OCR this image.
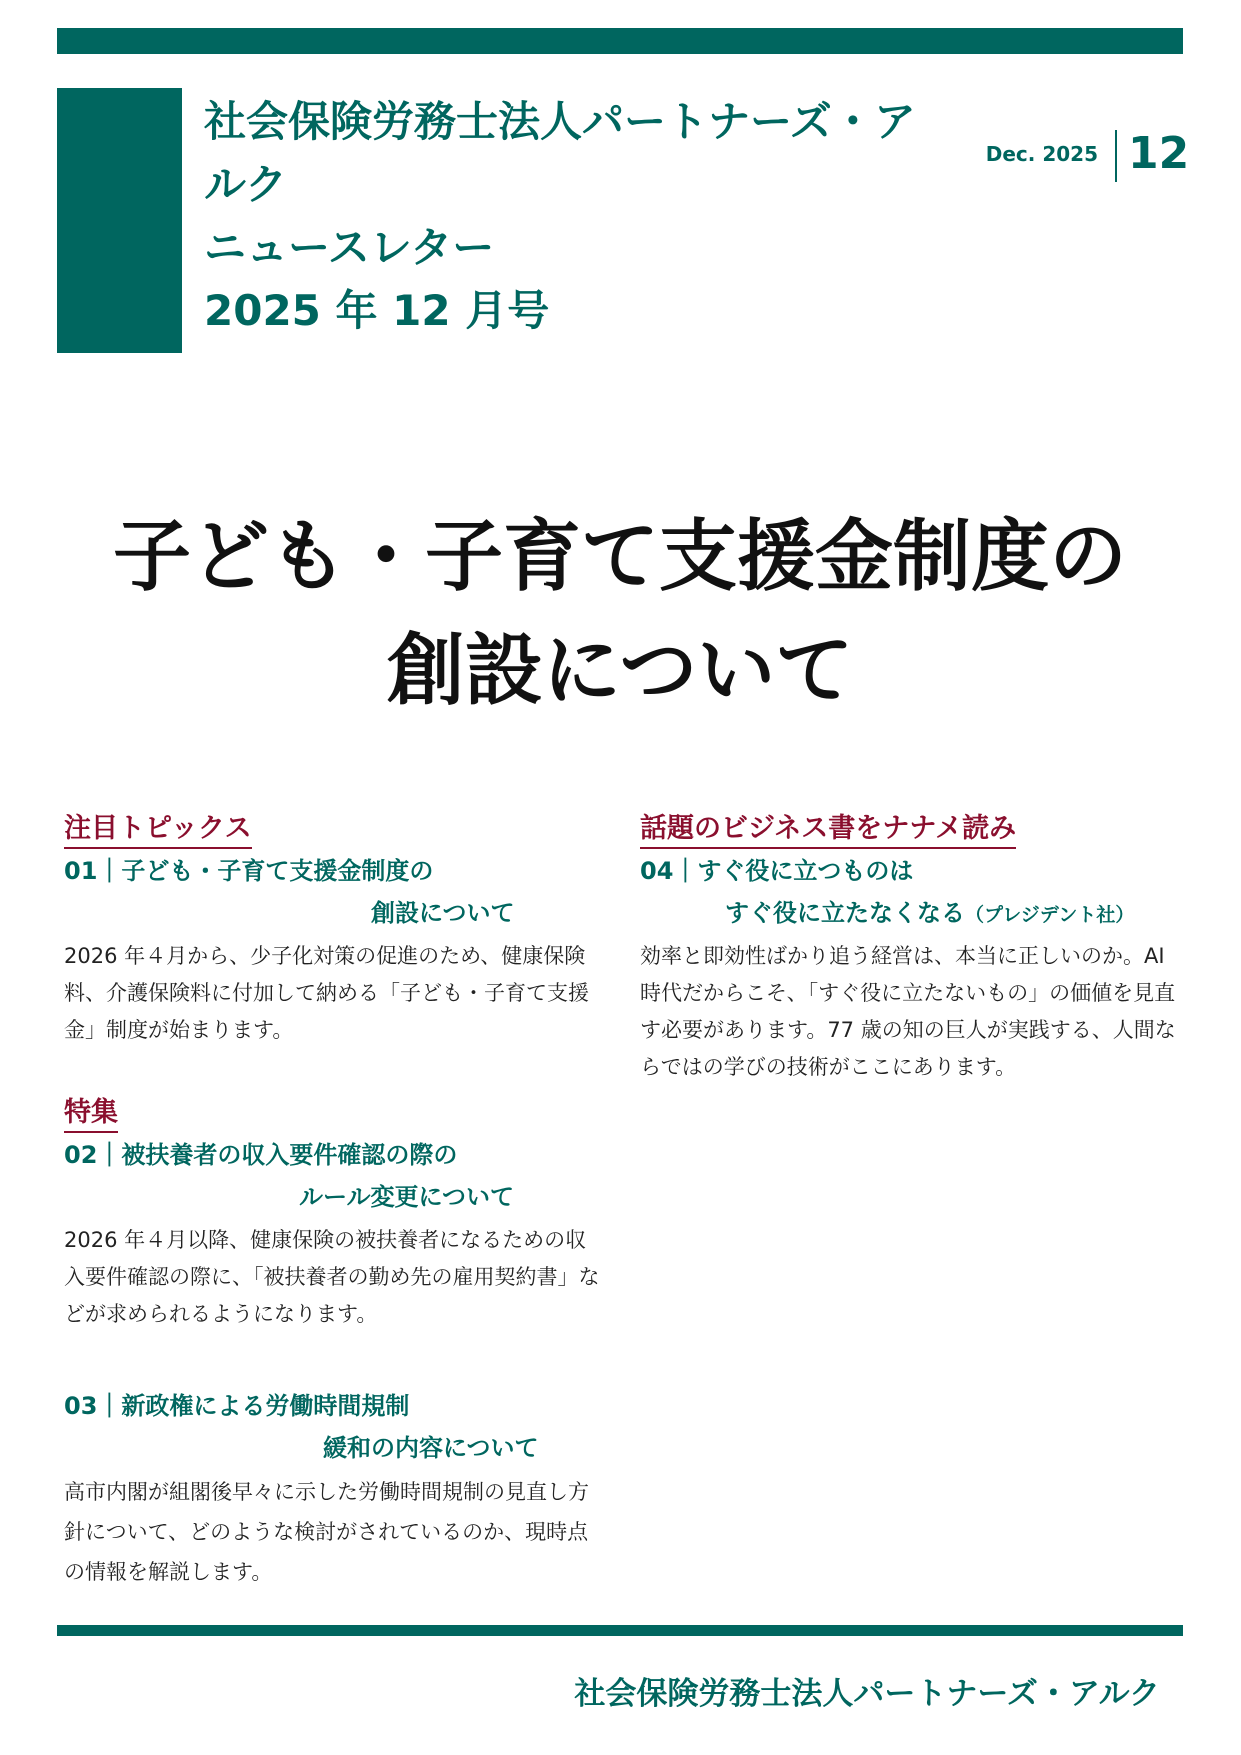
社会保険労務士法人パートナーズ・ア
ルク
ニュースレター
2025 年 12 月号
Dec. 2025 12
子ども・子育て支援金制度の
創設について
注目トピックス
01｜子ども・子育て支援金制度の
創設について
2026 年４月から、少子化対策の促進のため、健康保険料、介護保険料に付加して納める「子ども・子育て支援金」制度が始まります。
特集
02｜被扶養者の収入要件確認の際の
ルール変更について
2026 年４月以降、健康保険の被扶養者になるための収入要件確認の際に、「被扶養者の勤め先の雇用契約書」などが求められるようになります。
03｜新政権による労働時間規制
緩和の内容について
高市内閣が組閣後早々に示した労働時間規制の見直し方針について、どのような検討がされているのか、現時点の情報を解説します。
話題のビジネス書をナナメ読み
04｜すぐ役に立つものは
すぐ役に立たなくなる（プレジデント社）
効率と即効性ばかり追う経営は、本当に正しいのか。AI 時代だからこそ、「すぐ役に立たないもの」の価値を見直す必要があります。77 歳の知の巨人が実践する、人間ならではの学びの技術がここにあります。
社会保険労務士法人パートナーズ・アルク
